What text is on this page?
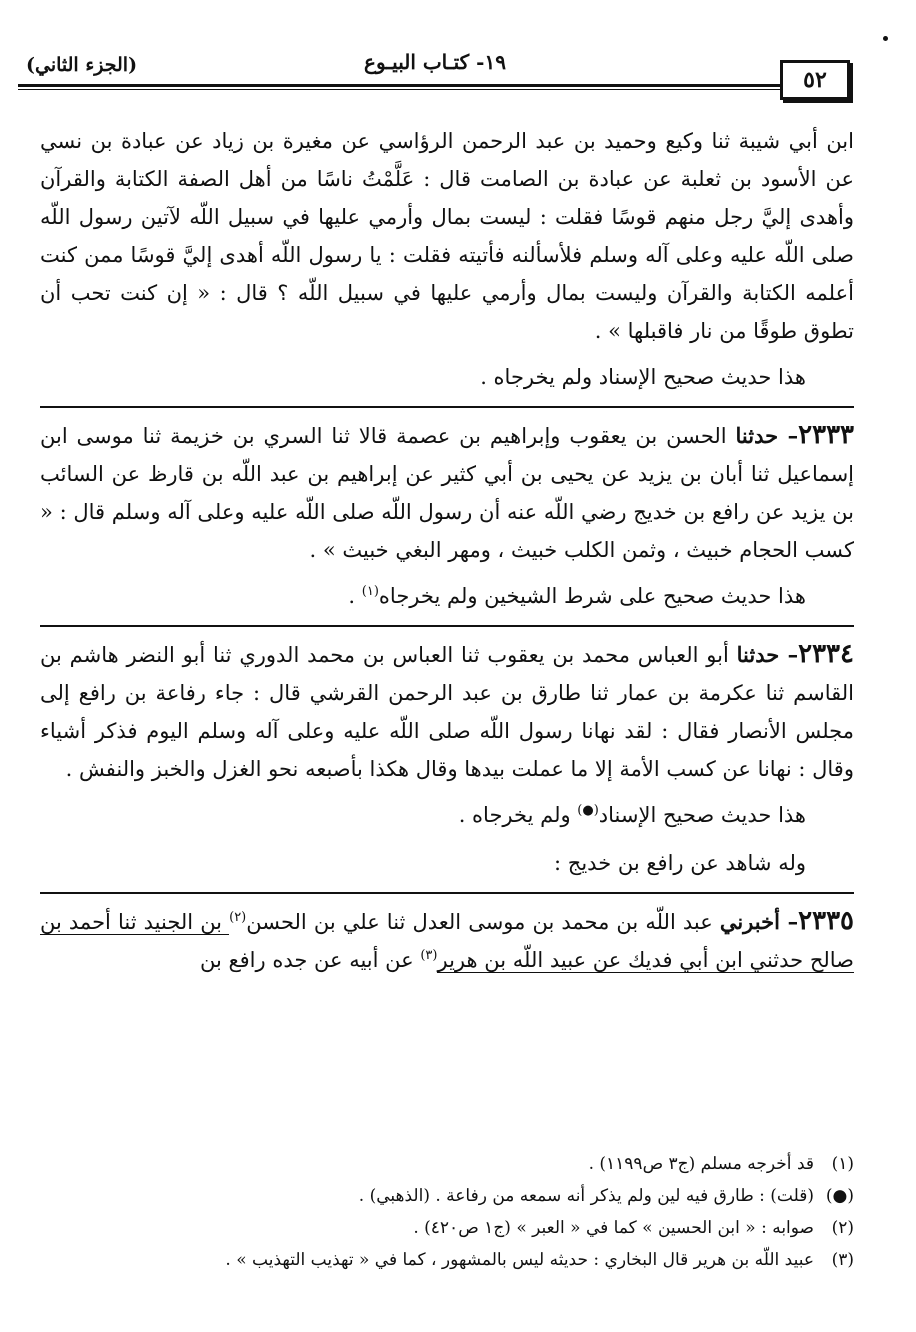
١٩- كتـاب البيـوع
(الجزء الثاني)
٥٢

ابن أبي شيبة ثنا وكيع وحميد بن عبد الرحمن الرؤاسي عن مغيرة بن زياد عن عبادة بن نسي عن الأسود بن ثعلبة عن عبادة بن الصامت قال : عَلَّمْتُ ناسًا من أهل الصفة الكتابة والقرآن وأهدى إليَّ رجل منهم قوسًا فقلت : ليست بمال وأرمي عليها في سبيل اللّه لآتين رسول اللّه صلى اللّه عليه وعلى آله وسلم فلأسألنه فأتيته فقلت : يا رسول اللّه أهدى إليَّ قوسًا ممن كنت أعلمه الكتابة والقرآن وليست بمال وأرمي عليها في سبيل اللّه ؟ قال : « إن كنت تحب أن تطوق طوقًا من نار فاقبلها » .

هذا حديث صحيح الإسناد ولم يخرجاه .

٢٣٣٣– حدثنا الحسن بن يعقوب وإبراهيم بن عصمة قالا ثنا السري بن خزيمة ثنا موسى ابن إسماعيل ثنا أبان بن يزيد عن يحيى بن أبي كثير عن إبراهيم بن عبد اللّه بن قارظ عن السائب بن يزيد عن رافع بن خديج رضي اللّه عنه أن رسول اللّه صلى اللّه عليه وعلى آله وسلم قال : « كسب الحجام خبيث ، وثمن الكلب خبيث ، ومهر البغي خبيث » .

هذا حديث صحيح على شرط الشيخين ولم يخرجاه$^{(١)}$ .

٢٣٣٤– حدثنا أبو العباس محمد بن يعقوب ثنا العباس بن محمد الدوري ثنا أبو النضر هاشم بن القاسم ثنا عكرمة بن عمار ثنا طارق بن عبد الرحمن القرشي قال : جاء رفاعة بن رافع إلى مجلس الأنصار فقال : لقد نهانا رسول اللّه صلى اللّه عليه وعلى آله وسلم اليوم فذكر أشياء وقال : نهانا عن كسب الأمة إلا ما عملت بيدها وقال هكذا بأصبعه نحو الغزل والخبز والنفش .

هذا حديث صحيح الإسناد(●) ولم يخرجاه .

وله شاهد عن رافع بن خديج :

٢٣٣٥– أخبرني عبد اللّه بن محمد بن موسى العدل ثنا علي بن الحسن$^{(٢)}$ بن الجنيد ثنا أحمد بن صالح حدثني ابن أبي فديك عن عبيد اللّه بن هرير$^{(٣)}$ عن أبيه عن جده رافع بن

(١)قد أخرجه مسلم (ج٣ ص١١٩٩) .
(●)(قلت) : طارق فيه لين ولم يذكر أنه سمعه من رفاعة . (الذهبي) .
(٢)صوابه : « ابن الحسين » كما في « العبر » (ج١ ص٤٢٠) .
(٣)عبيد اللّه بن هرير قال البخاري : حديثه ليس بالمشهور ، كما في « تهذيب التهذيب » .
